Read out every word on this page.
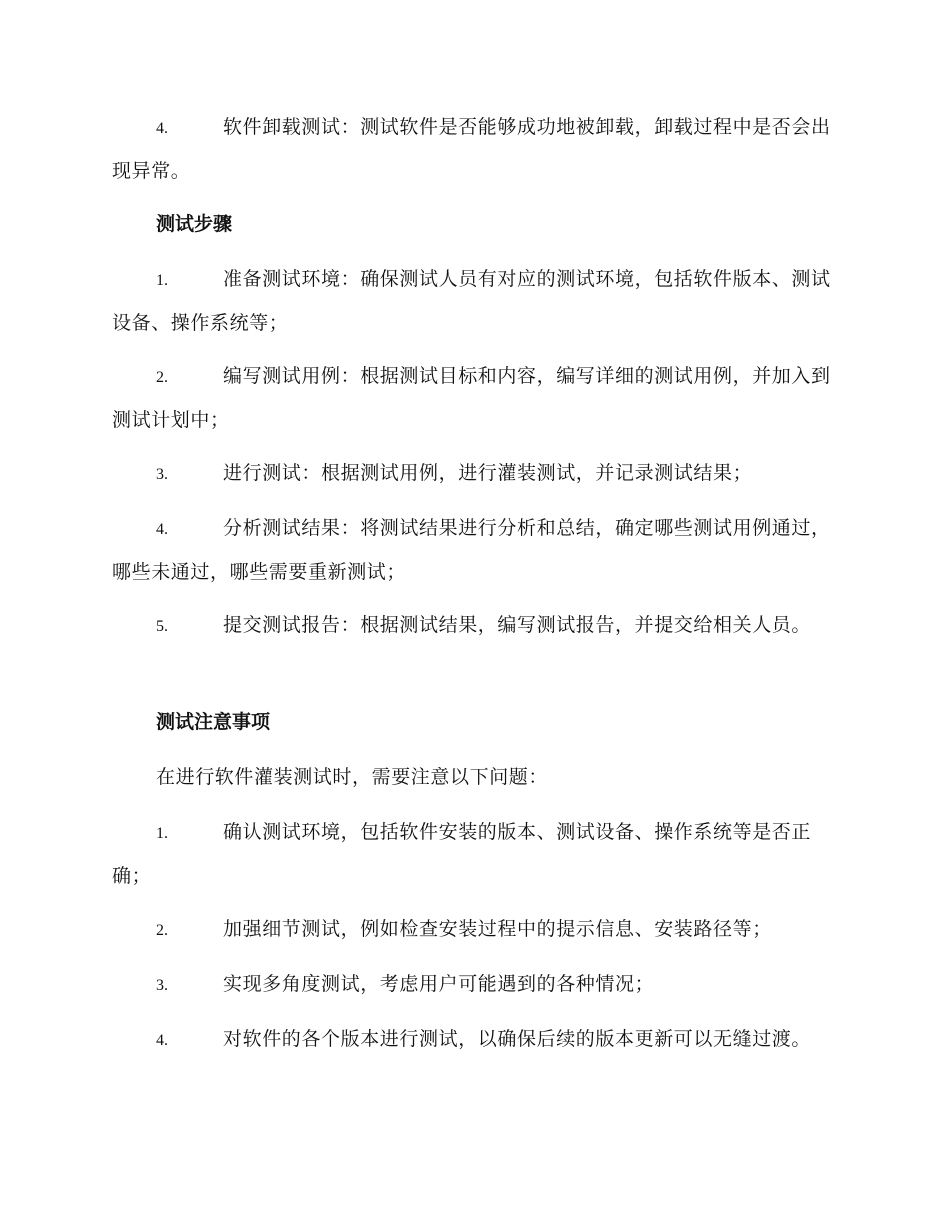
4.	软件卸载测试：测试软件是否能够成功地被卸载，卸载过程中是否会出现异常。
测试步骤
1.	准备测试环境：确保测试人员有对应的测试环境，包括软件版本、测试设备、操作系统等；
2.	编写测试用例：根据测试目标和内容，编写详细的测试用例，并加入到测试计划中；
3.	进行测试：根据测试用例，进行灌装测试，并记录测试结果；
4.	分析测试结果：将测试结果进行分析和总结，确定哪些测试用例通过，哪些未通过，哪些需要重新测试；
5.	提交测试报告：根据测试结果，编写测试报告，并提交给相关人员。
测试注意事项
在进行软件灌装测试时，需要注意以下问题：
1.	确认测试环境，包括软件安装的版本、测试设备、操作系统等是否正确；
2.	加强细节测试，例如检查安装过程中的提示信息、安装路径等；
3.	实现多角度测试，考虑用户可能遇到的各种情况；
4.	对软件的各个版本进行测试，以确保后续的版本更新可以无缝过渡。
